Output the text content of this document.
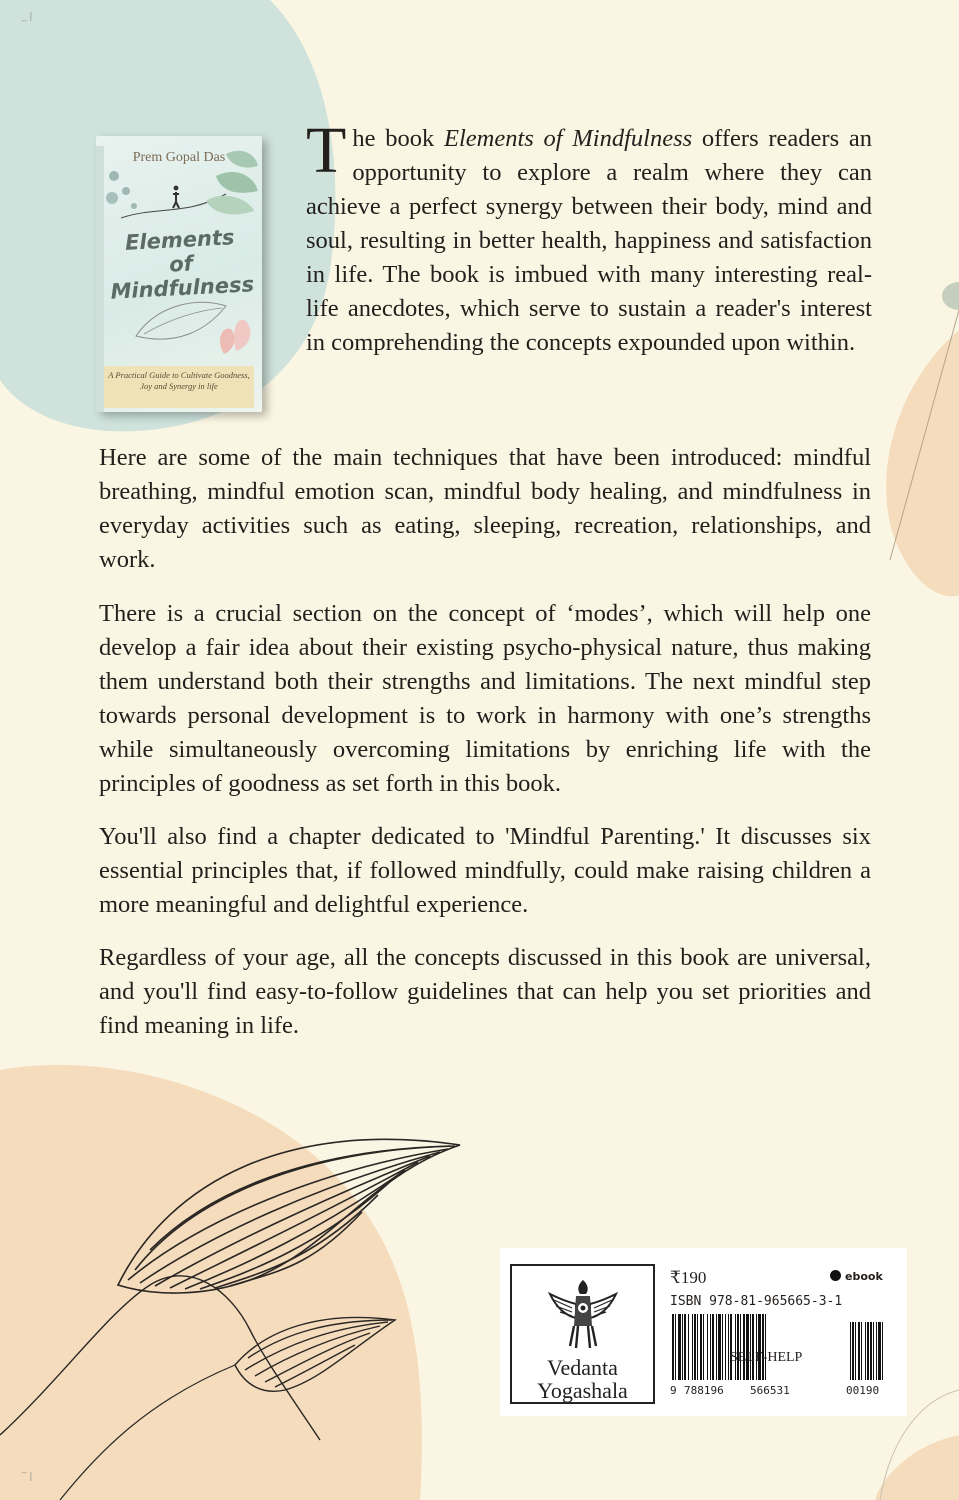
_ |
‾ |
Prem Gopal Das
Elements
of
Mindfulness
A Practical Guide to Cultivate Goodness, Joy and Synergy in life

The book Elements of Mindfulness offers readers an opportunity to explore a realm where they can achieve a perfect synergy between their body, mind and soul, resulting in better health, happiness and satisfaction in life. The book is imbued with many interesting real-life anecdotes, which serve to sustain a reader's interest in comprehending the concepts expounded upon within.

Here are some of the main techniques that have been introduced: mindful breathing, mindful emotion scan, mindful body healing, and mindfulness in everyday activities such as eating, sleeping, recreation, relationships, and work.

There is a crucial section on the concept of ‘modes’, which will help one develop a fair idea about their existing psycho-physical nature, thus making them understand both their strengths and limitations. The next mindful step towards personal development is to work in harmony with one’s strengths while simultaneously overcoming limitations by enriching life with the principles of goodness as set forth in this book.

You'll also find a chapter dedicated to 'Mindful Parenting.' It discusses six essential principles that, if followed mindfully, could make raising children a more meaningful and delightful experience.

Regardless of your age, all the concepts discussed in this book are universal, and you'll find easy-to-follow guidelines that can help you set priorities and find meaning in life.

Vedanta
Yogashala
₹190	ebook
ISBN 978-81-965665-3-1
9 788196 566531	00190
SELF-HELP
